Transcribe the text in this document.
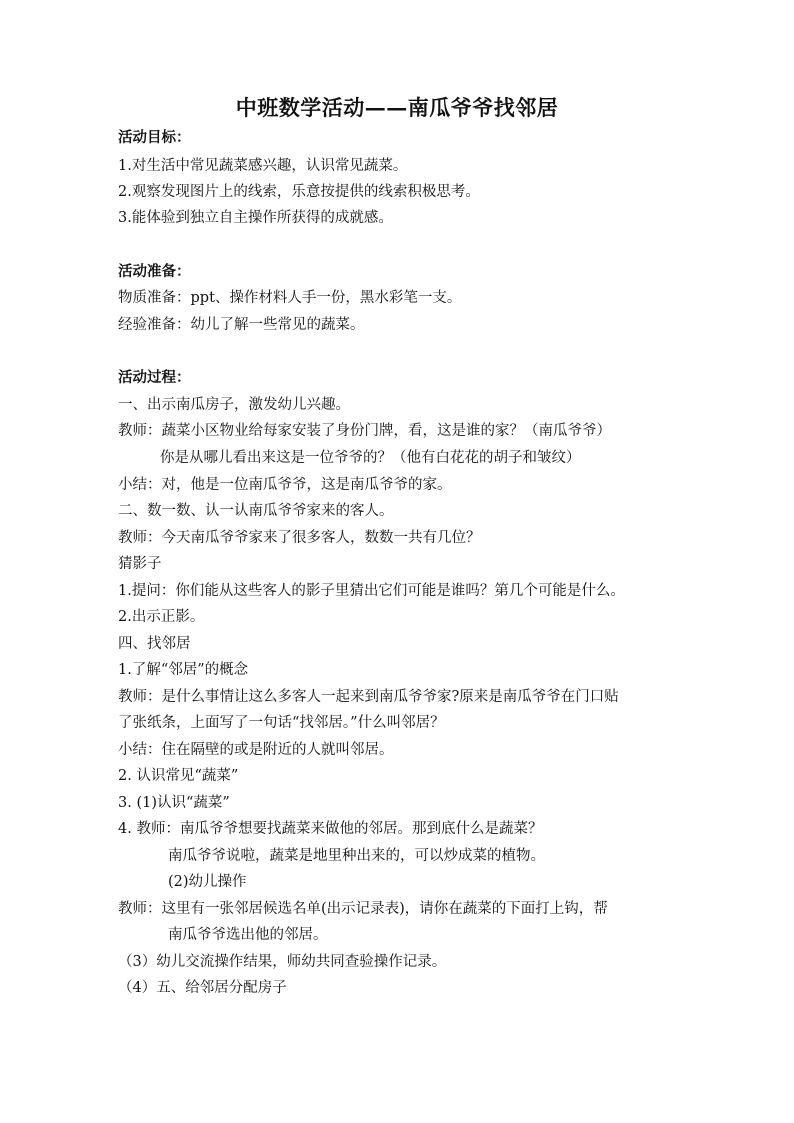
中班数学活动——南瓜爷爷找邻居
活动目标：
1.对生活中常见蔬菜感兴趣，认识常见蔬菜。
2.观察发现图片上的线索，乐意按提供的线索积极思考。
3.能体验到独立自主操作所获得的成就感。
活动准备：
物质准备：ppt、操作材料人手一份，黑水彩笔一支。
经验准备：幼儿了解一些常见的蔬菜。
活动过程：
一、出示南瓜房子，激发幼儿兴趣。
教师：蔬菜小区物业给每家安装了身份门牌，看，这是谁的家？（南瓜爷爷）
你是从哪儿看出来这是一位爷爷的？（他有白花花的胡子和皱纹）
小结：对，他是一位南瓜爷爷，这是南瓜爷爷的家。
二、数一数、认一认南瓜爷爷家来的客人。
教师：今天南瓜爷爷家来了很多客人，数数一共有几位？
猜影子
1.提问：你们能从这些客人的影子里猜出它们可能是谁吗？第几个可能是什么。
2.出示正影。
四、找邻居
1.了解“邻居”的概念
教师：是什么事情让这么多客人一起来到南瓜爷爷家?原来是南瓜爷爷在门口贴
了张纸条，上面写了一句话“找邻居。”什么叫邻居？
小结：住在隔壁的或是附近的人就叫邻居。
2. 认识常见“蔬菜”
3. (1)认识“蔬菜”
4. 教师：南瓜爷爷想要找蔬菜来做他的邻居。那到底什么是蔬菜？
南瓜爷爷说啦，蔬菜是地里种出来的，可以炒成菜的植物。
(2)幼儿操作
教师：这里有一张邻居候选名单(出示记录表)，请你在蔬菜的下面打上钩，帮
南瓜爷爷选出他的邻居。
（3）幼儿交流操作结果，师幼共同查验操作记录。
（4）五、给邻居分配房子
